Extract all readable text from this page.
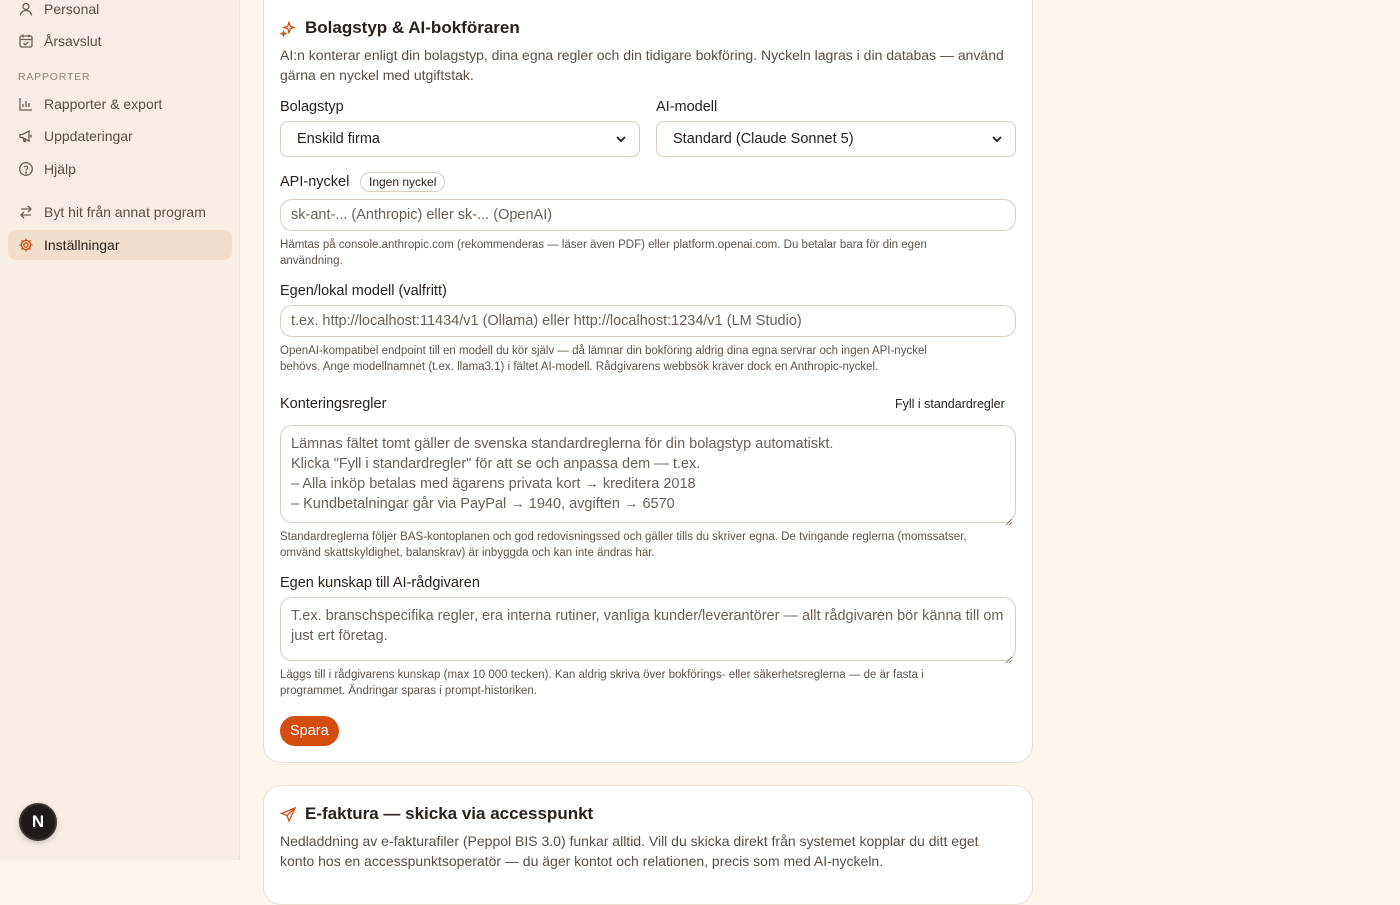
Personal
Årsavslut
RAPPORTER
Rapporter & export
Uppdateringar
Hjälp
Byt hit från annat program
Inställningar
N
Bolagstyp & AI-bokföraren
AI:n konterar enligt din bolagstyp, dina egna regler och din tidigare bokföring. Nyckeln lagras i din databas — använd
gärna en nyckel med utgiftstak.
Bolagstyp
Enskild firma
AI-modell
Standard (Claude Sonnet 5)
API-nyckel	Ingen nyckel
sk-ant-... (Anthropic) eller sk-... (OpenAI)
Hämtas på console.anthropic.com (rekommenderas — läser även PDF) eller platform.openai.com. Du betalar bara för din egen
användning.
Egen/lokal modell (valfritt)
t.ex. http://localhost:11434/v1 (Ollama) eller http://localhost:1234/v1 (LM Studio)
OpenAI-kompatibel endpoint till en modell du kör själv — då lämnar din bokföring aldrig dina egna servrar och ingen API-nyckel
behövs. Ange modellnamnet (t.ex. llama3.1) i fältet AI-modell. Rådgivarens webbsök kräver dock en Anthropic-nyckel.
Konteringsregler	Fyll i standardregler
Lämnas fältet tomt gäller de svenska standardreglerna för din bolagstyp automatiskt.
Klicka "Fyll i standardregler" för att se och anpassa dem — t.ex.
– Alla inköp betalas med ägarens privata kort → kreditera 2018
– Kundbetalningar går via PayPal → 1940, avgiften → 6570
Standardreglerna följer BAS-kontoplanen och god redovisningssed och gäller tills du skriver egna. De tvingande reglerna (momssatser,
omvänd skattskyldighet, balanskrav) är inbyggda och kan inte ändras här.
Egen kunskap till AI-rådgivaren
T.ex. branschspecifika regler, era interna rutiner, vanliga kunder/leverantörer — allt rådgivaren bör känna till om
just ert företag.
Läggs till i rådgivarens kunskap (max 10 000 tecken). Kan aldrig skriva över bokförings- eller säkerhetsreglerna — de är fasta i
programmet. Ändringar sparas i prompt-historiken.
Spara
E-faktura — skicka via accesspunkt
Nedladdning av e-fakturafiler (Peppol BIS 3.0) funkar alltid. Vill du skicka direkt från systemet kopplar du ditt eget
konto hos en accesspunktsoperatör — du äger kontot och relationen, precis som med AI-nyckeln.
